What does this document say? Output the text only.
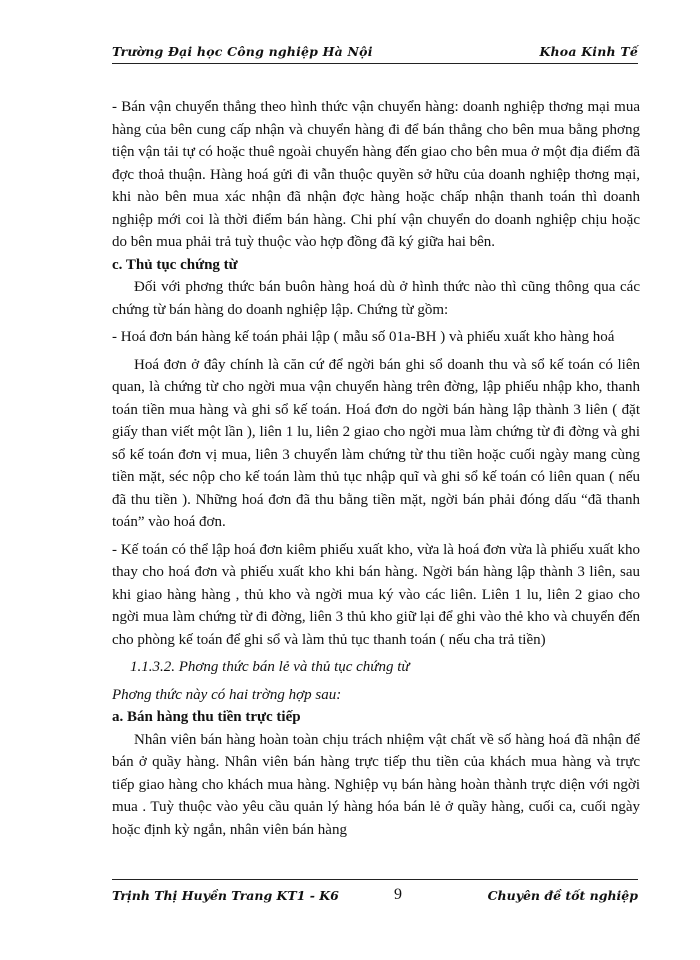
Trường Đại học Công nghiệp Hà Nội	Khoa Kinh Tế

- Bán vận chuyển thẳng theo hình thức vận chuyển hàng: doanh nghiệp thơng mại mua hàng của bên cung cấp nhận và chuyển hàng đi để bán thẳng cho bên mua bằng phơng tiện vận tải tự có hoặc thuê ngoài chuyển hàng đến giao cho bên mua ở một địa điểm đã đợc thoả thuận. Hàng hoá gửi đi vẫn thuộc quyền sở hữu của doanh nghiệp thơng mại, khi nào bên mua xác nhận đã nhận đợc hàng hoặc chấp nhận thanh toán thì doanh nghiệp mới coi là thời điểm bán hàng. Chi phí vận chuyển do doanh nghiệp chịu hoặc do bên mua phải trả tuỳ thuộc vào hợp đồng đã ký giữa hai bên.

c. Thủ tục chứng từ

Đối với phơng thức bán buôn hàng hoá dù ở hình thức nào thì cũng thông qua các chứng từ bán hàng do doanh nghiệp lập. Chứng từ gồm:

- Hoá đơn bán hàng kế toán phải lập ( mẫu số 01a-BH ) và phiếu xuất kho hàng hoá

Hoá đơn ở đây chính là căn cứ để ngời bán ghi sổ doanh thu và sổ kế toán có liên quan, là chứng từ cho ngời mua vận chuyển hàng trên đờng, lập phiếu nhập kho, thanh toán tiền mua hàng và ghi sổ kế toán. Hoá đơn do ngời bán hàng lập thành 3 liên ( đặt giấy than viết một lần ), liên 1 lu, liên 2 giao cho ngời mua làm chứng từ đi đờng và ghi sổ kế toán đơn vị mua, liên 3 chuyển làm chứng từ thu tiền hoặc cuối ngày mang cùng tiền mặt, séc nộp cho kế toán làm thủ tục nhập quĩ và ghi sổ kế toán có liên quan ( nếu đã thu tiền ). Những hoá đơn đã thu bằng tiền mặt, ngời bán phải đóng dấu “đã thanh toán” vào hoá đơn.

- Kế toán có thể lập hoá đơn kiêm phiếu xuất kho, vừa là hoá đơn vừa là phiếu xuất kho thay cho hoá đơn và phiếu xuất kho khi bán hàng. Ngời bán hàng lập thành 3 liên, sau khi giao hàng hàng , thủ kho và ngời mua ký vào các liên. Liên 1 lu, liên 2 giao cho ngời mua làm chứng từ đi đờng, liên 3 thủ kho giữ lại để ghi vào thẻ kho và chuyển đến cho phòng kế toán để ghi sổ và làm thủ tục thanh toán ( nếu cha trả tiền)

1.1.3.2. Phơng thức bán lẻ và thủ tục chứng từ

Phơng thức này có hai trờng hợp sau:

a. Bán hàng thu tiền trực tiếp

Nhân viên bán hàng hoàn toàn chịu trách nhiệm vật chất về số hàng hoá đã nhận để bán ở quầy hàng. Nhân viên bán hàng trực tiếp thu tiền của khách mua hàng và trực tiếp giao hàng cho khách mua hàng. Nghiệp vụ bán hàng hoàn thành trực diện với ngời mua . Tuỳ thuộc vào yêu cầu quản lý hàng hóa bán lẻ ở quầy hàng, cuối ca, cuối ngày hoặc định kỳ ngắn, nhân viên bán hàng

Trịnh Thị Huyền Trang KT1 - K6	9	Chuyên đề tốt nghiệp
